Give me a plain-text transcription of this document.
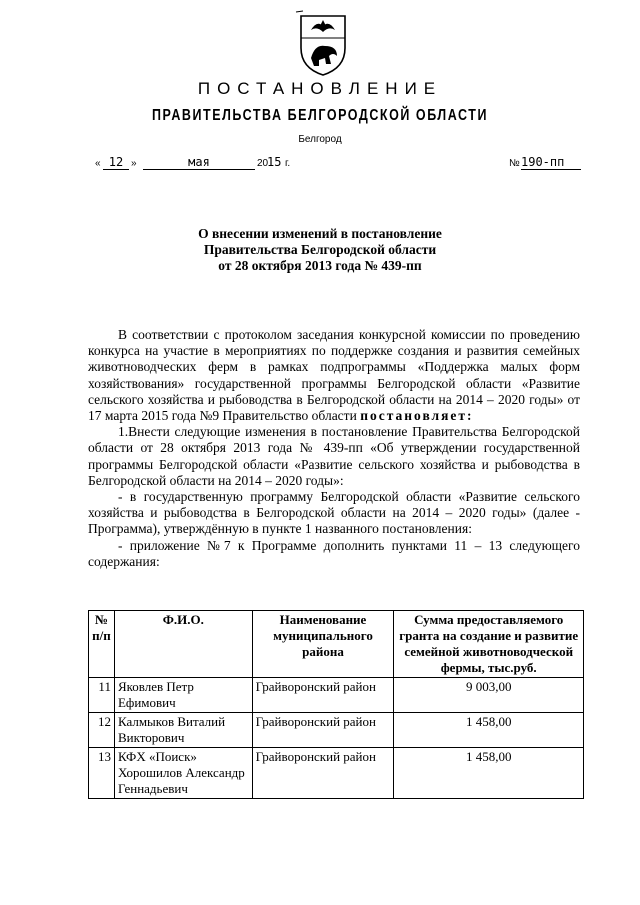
ПОСТАНОВЛЕНИЕ
ПРАВИТЕЛЬСТВА БЕЛГОРОДСКОЙ ОБЛАСТИ
Белгород
« 12 »	мая	20
15 г.	№ 190-пп
О внесении изменений в постановление
Правительства Белгородской области
от 28 октября 2013 года № 439-пп

В соответствии с протоколом заседания конкурсной комиссии по проведению конкурса на участие в мероприятиях по поддержке создания и развития семейных животноводческих ферм в рамках подпрограммы «Поддержка малых форм хозяйствования» государственной программы Белгородской области «Развитие сельского хозяйства и рыбоводства в Белгородской области на 2014 – 2020 годы» от 17 марта 2015 года №9 Правительство области постановляет:

1.Внести следующие изменения в постановление Правительства Белгородской области от 28 октября 2013 года № 439-пп «Об утверждении государственной программы Белгородской области «Развитие сельского хозяйства и рыбоводства в Белгородской области на 2014 – 2020 годы»:

- в государственную программу Белгородской области «Развитие сельского хозяйства и рыбоводства в Белгородской области на 2014 – 2020 годы» (далее - Программа), утверждённую в пункте 1 названного постановления:

- приложение №7 к Программе дополнить пунктами 11 – 13 следующего содержания:

№ п/п	Ф.И.О.	Наименование муниципального района	Сумма предоставляемого гранта на создание и развитие семейной животноводческой фермы, тыс.руб.
11	Яковлев Петр Ефимович	Грайворонский район	9 003,00
12	Калмыков Виталий Викторович	Грайворонский район	1 458,00
13	КФХ «Поиск» Хорошилов Александр Геннадьевич	Грайворонский район	1 458,00
